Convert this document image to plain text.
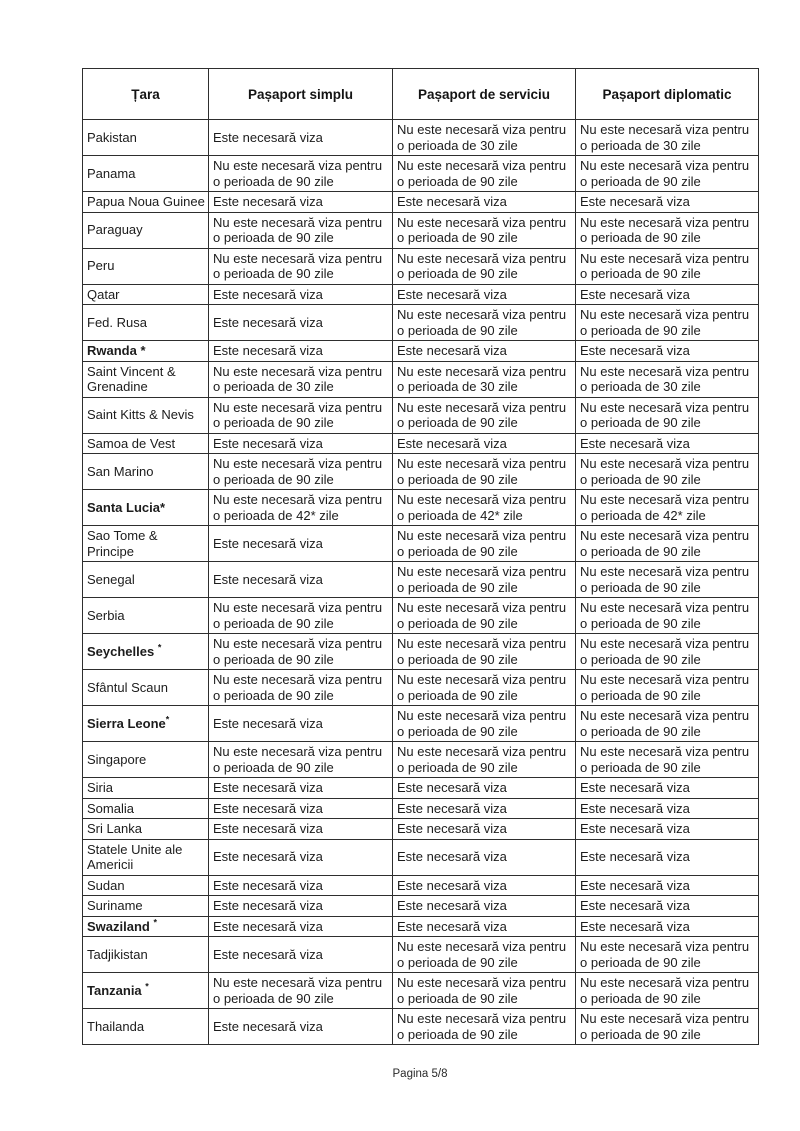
Țara	Pașaport simplu	Pașaport de serviciu	Pașaport diplomatic
Pakistan	Este necesară viza	Nu este necesară viza pentru o perioada de 30 zile	Nu este necesară viza pentru o perioada de 30 zile
Panama	Nu este necesară viza pentru o perioada de 90 zile	Nu este necesară viza pentru o perioada de 90 zile	Nu este necesară viza pentru o perioada de 90 zile
Papua Noua Guinee	Este necesară viza	Este necesară viza	Este necesară viza
Paraguay	Nu este necesară viza pentru o perioada de 90 zile	Nu este necesară viza pentru o perioada de 90 zile	Nu este necesară viza pentru o perioada de 90 zile
Peru	Nu este necesară viza pentru o perioada de 90 zile	Nu este necesară viza pentru o perioada de 90 zile	Nu este necesară viza pentru o perioada de 90 zile
Qatar	Este necesară viza	Este necesară viza	Este necesară viza
Fed. Rusa	Este necesară viza	Nu este necesară viza pentru o perioada de 90 zile	Nu este necesară viza pentru o perioada de 90 zile
Rwanda *	Este necesară viza	Este necesară viza	Este necesară viza
Saint Vincent & Grenadine	Nu este necesară viza pentru o perioada de 30 zile	Nu este necesară viza pentru o perioada de 30 zile	Nu este necesară viza pentru o perioada de 30 zile
Saint Kitts & Nevis	Nu este necesară viza pentru o perioada de 90 zile	Nu este necesară viza pentru o perioada de 90 zile	Nu este necesară viza pentru o perioada de 90 zile
Samoa de Vest	Este necesară viza	Este necesară viza	Este necesară viza
San Marino	Nu este necesară viza pentru o perioada de 90 zile	Nu este necesară viza pentru o perioada de 90 zile	Nu este necesară viza pentru o perioada de 90 zile
Santa Lucia*	Nu este necesară viza pentru o perioada de 42* zile	Nu este necesară viza pentru o perioada de 42* zile	Nu este necesară viza pentru o perioada de 42* zile
Sao Tome & Principe	Este necesară viza	Nu este necesară viza pentru o perioada de 90 zile	Nu este necesară viza pentru o perioada de 90 zile
Senegal	Este necesară viza	Nu este necesară viza pentru o perioada de 90 zile	Nu este necesară viza pentru o perioada de 90 zile
Serbia	Nu este necesară viza pentru o perioada de 90 zile	Nu este necesară viza pentru o perioada de 90 zile	Nu este necesară viza pentru o perioada de 90 zile
Seychelles *	Nu este necesară viza pentru o perioada de 90 zile	Nu este necesară viza pentru o perioada de 90 zile	Nu este necesară viza pentru o perioada de 90 zile
Sfântul Scaun	Nu este necesară viza pentru o perioada de 90 zile	Nu este necesară viza pentru o perioada de 90 zile	Nu este necesară viza pentru o perioada de 90 zile
Sierra Leone*	Este necesară viza	Nu este necesară viza pentru o perioada de 90 zile	Nu este necesară viza pentru o perioada de 90 zile
Singapore	Nu este necesară viza pentru o perioada de 90 zile	Nu este necesară viza pentru o perioada de 90 zile	Nu este necesară viza pentru o perioada de 90 zile
Siria	Este necesară viza	Este necesară viza	Este necesară viza
Somalia	Este necesară viza	Este necesară viza	Este necesară viza
Sri Lanka	Este necesară viza	Este necesară viza	Este necesară viza
Statele Unite ale Americii	Este necesară viza	Este necesară viza	Este necesară viza
Sudan	Este necesară viza	Este necesară viza	Este necesară viza
Suriname	Este necesară viza	Este necesară viza	Este necesară viza
Swaziland *	Este necesară viza	Este necesară viza	Este necesară viza
Tadjikistan	Este necesară viza	Nu este necesară viza pentru o perioada de 90 zile	Nu este necesară viza pentru o perioada de 90 zile
Tanzania *	Nu este necesară viza pentru o perioada de 90 zile	Nu este necesară viza pentru o perioada de 90 zile	Nu este necesară viza pentru o perioada de 90 zile
Thailanda	Este necesară viza	Nu este necesară viza pentru o perioada de 90 zile	Nu este necesară viza pentru o perioada de 90 zile
Pagina 5/8
